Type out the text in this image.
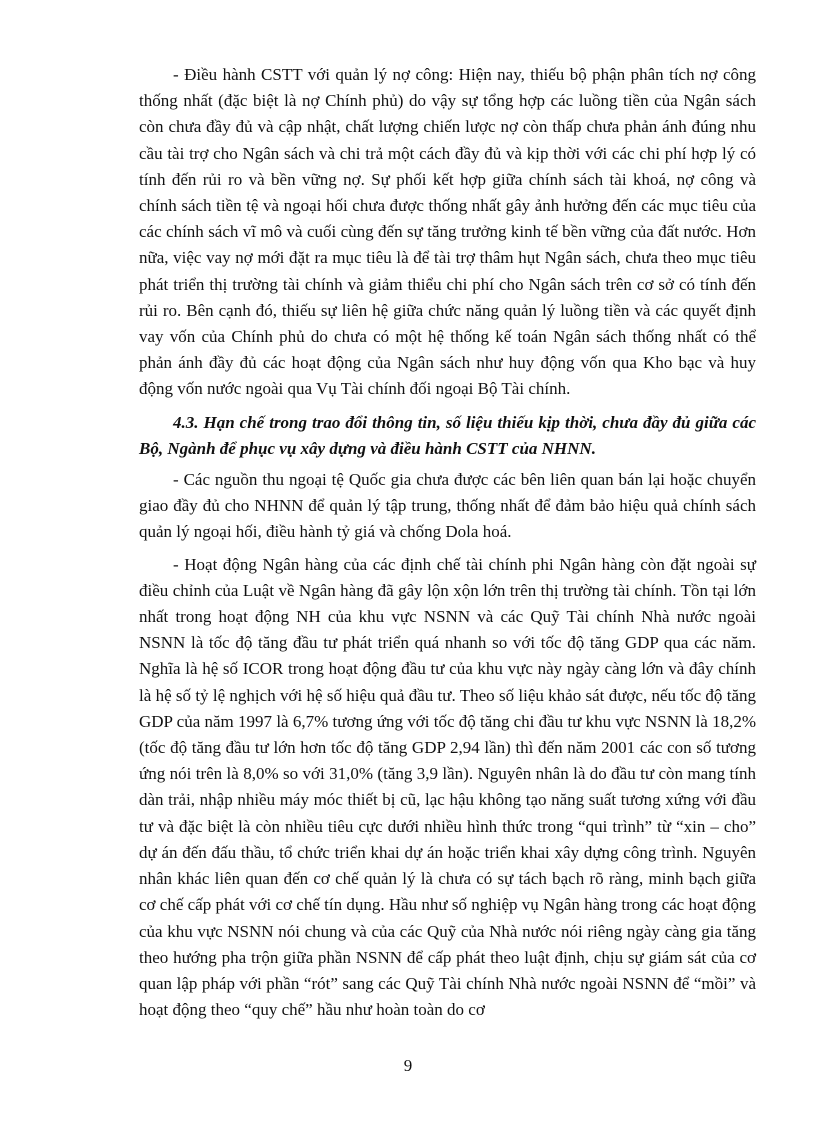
- Điều hành CSTT với quản lý nợ công: Hiện nay, thiếu bộ phận phân tích nợ công thống nhất (đặc biệt là nợ Chính phủ) do vậy sự tổng hợp các luồng tiền của Ngân sách còn chưa đầy đủ và cập nhật, chất lượng chiến lược nợ còn thấp chưa phản ánh đúng nhu cầu tài trợ cho Ngân sách và chi trả một cách đầy đủ và kịp thời với các chi phí hợp lý có tính đến rủi ro và bền vững nợ. Sự phối kết hợp giữa chính sách tài khoá, nợ công và chính sách tiền tệ và ngoại hối chưa được thống nhất gây ảnh hưởng đến các mục tiêu của các chính sách vĩ mô và cuối cùng đến sự tăng trưởng kinh tế bền vững của đất nước. Hơn nữa, việc vay nợ mới đặt ra mục tiêu là để tài trợ thâm hụt Ngân sách, chưa theo mục tiêu phát triển thị trường tài chính và giảm thiểu chi phí cho Ngân sách trên cơ sở có tính đến rủi ro. Bên cạnh đó, thiếu sự liên hệ giữa chức năng quản lý luồng tiền và các quyết định vay vốn của Chính phủ do chưa có một hệ thống kế toán Ngân sách thống nhất có thể phản ánh đầy đủ các hoạt động của Ngân sách như huy động vốn qua Kho bạc và huy động vốn nước ngoài qua Vụ Tài chính đối ngoại Bộ Tài chính.

4.3. Hạn chế trong trao đổi thông tin, số liệu thiếu kịp thời, chưa đầy đủ giữa các Bộ, Ngành để phục vụ xây dựng và điều hành CSTT của NHNN.

- Các nguồn thu ngoại tệ Quốc gia chưa được các bên liên quan bán lại hoặc chuyển giao đầy đủ cho NHNN để quản lý tập trung, thống nhất để đảm bảo hiệu quả chính sách quản lý ngoại hối, điều hành tỷ giá và chống Dola hoá.

- Hoạt động Ngân hàng của các định chế tài chính phi Ngân hàng còn đặt ngoài sự điều chỉnh của Luật về Ngân hàng đã gây lộn xộn lớn trên thị trường tài chính. Tồn tại lớn nhất trong hoạt động NH của khu vực NSNN và các Quỹ Tài chính Nhà nước ngoài NSNN là tốc độ tăng đầu tư phát triển quá nhanh so với tốc độ tăng GDP qua các năm. Nghĩa là hệ số ICOR trong hoạt động đầu tư của khu vực này ngày càng lớn và đây chính là hệ số tỷ lệ nghịch với hệ số hiệu quả đầu tư. Theo số liệu khảo sát được, nếu tốc độ tăng GDP của năm 1997 là 6,7% tương ứng với tốc độ tăng chi đầu tư khu vực NSNN là 18,2% (tốc độ tăng đầu tư lớn hơn tốc độ tăng GDP 2,94 lần) thì đến năm 2001 các con số tương ứng nói trên là 8,0% so với 31,0% (tăng 3,9 lần). Nguyên nhân là do đầu tư còn mang tính dàn trải, nhập nhiều máy móc thiết bị cũ, lạc hậu không tạo năng suất tương xứng với đầu tư và đặc biệt là còn nhiều tiêu cực dưới nhiều hình thức trong “qui trình” từ “xin – cho” dự án đến đấu thầu, tổ chức triển khai dự án hoặc triển khai xây dựng công trình. Nguyên nhân khác liên quan đến cơ chế quản lý là chưa có sự tách bạch rõ ràng, minh bạch giữa cơ chế cấp phát với cơ chế tín dụng. Hầu như số nghiệp vụ Ngân hàng trong các hoạt động của khu vực NSNN nói chung và của các Quỹ của Nhà nước nói riêng ngày càng gia tăng theo hướng pha trộn giữa phần NSNN để cấp phát theo luật định, chịu sự giám sát của cơ quan lập pháp với phần “rót” sang các Quỹ Tài chính Nhà nước ngoài NSNN để “mồi” và hoạt động theo “quy chế” hầu như hoàn toàn do cơ

9
